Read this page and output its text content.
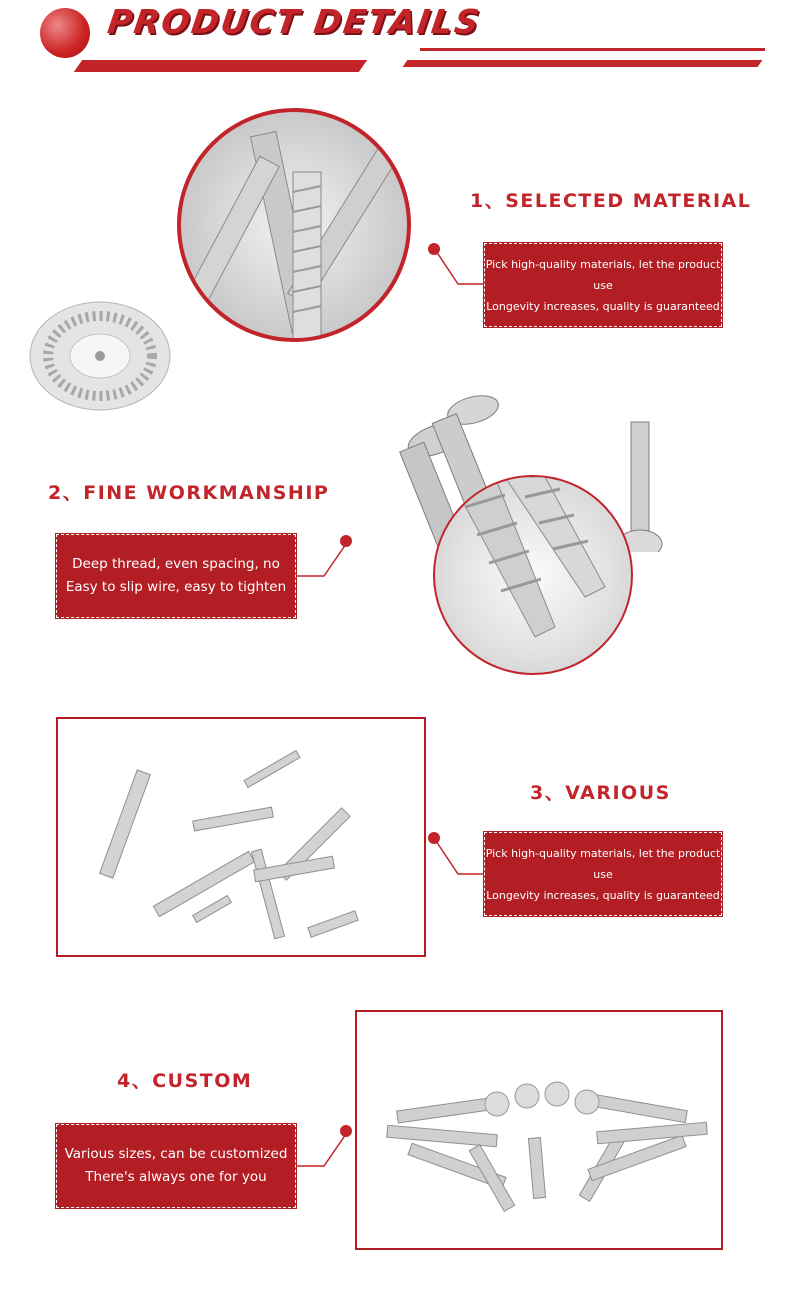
PRODUCT DETAILS
1、SELECTED MATERIAL
Pick high-quality materials, let the product use
Longevity increases, quality is guaranteed
2、FINE WORKMANSHIP
Deep thread, even spacing, no
Easy to slip wire, easy to tighten
3、VARIOUS
Pick high-quality materials, let the product use
Longevity increases, quality is guaranteed
4、CUSTOM
Various sizes, can be customized
There's always one for you
